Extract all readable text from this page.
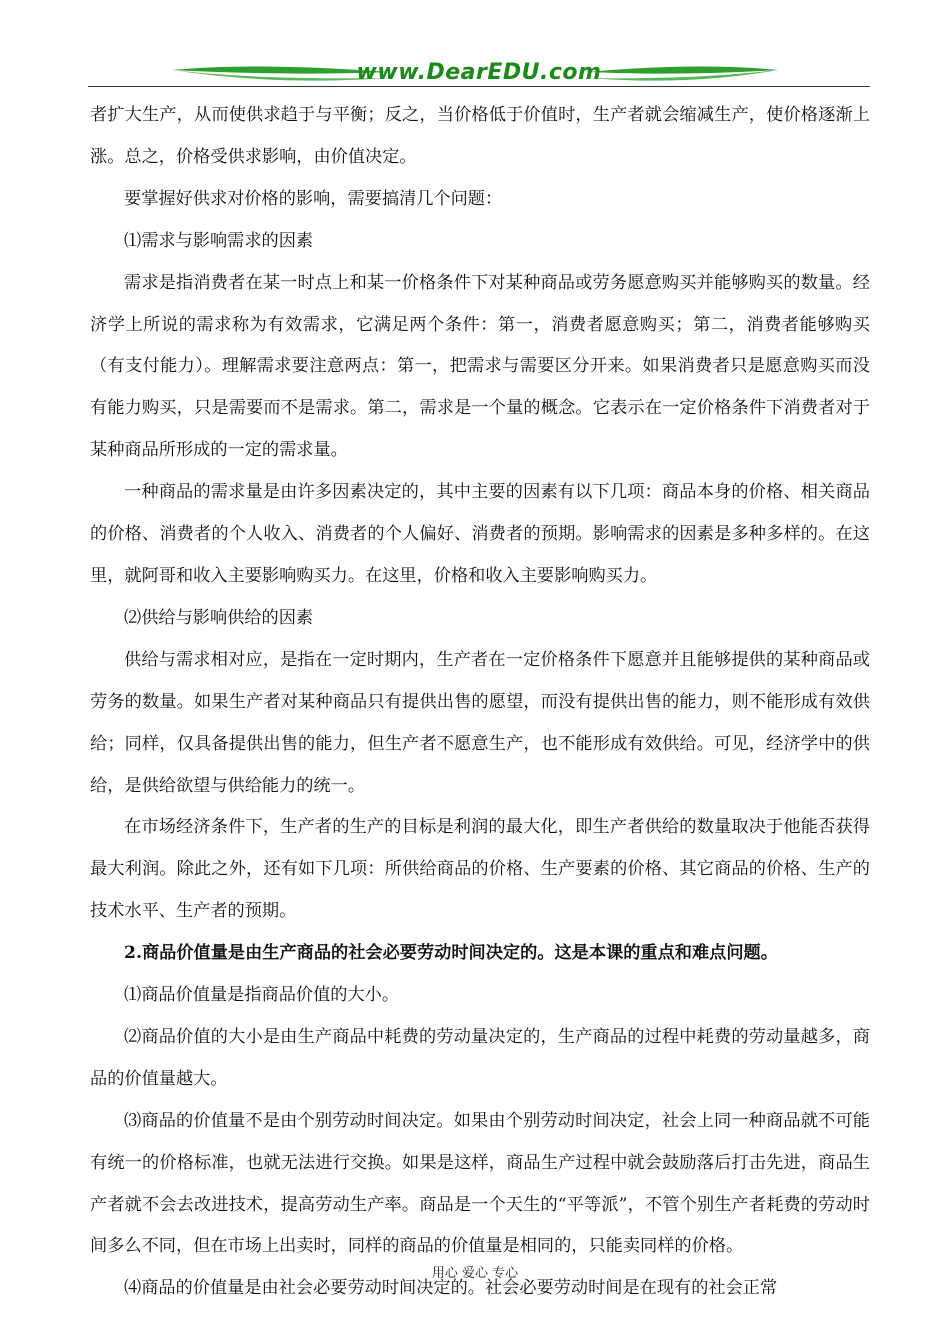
www.DearEDU.com

者扩大生产，从而使供求趋于与平衡；反之，当价格低于价值时，生产者就会缩减生产，使价格逐渐上涨。总之，价格受供求影响，由价值决定。

要掌握好供求对价格的影响，需要搞清几个问题：

⑴需求与影响需求的因素

需求是指消费者在某一时点上和某一价格条件下对某种商品或劳务愿意购买并能够购买的数量。经济学上所说的需求称为有效需求，它满足两个条件：第一，消费者愿意购买；第二，消费者能够购买（有支付能力）。理解需求要注意两点：第一，把需求与需要区分开来。如果消费者只是愿意购买而没有能力购买，只是需要而不是需求。第二，需求是一个量的概念。它表示在一定价格条件下消费者对于某种商品所形成的一定的需求量。

一种商品的需求量是由许多因素决定的，其中主要的因素有以下几项：商品本身的价格、相关商品的价格、消费者的个人收入、消费者的个人偏好、消费者的预期。影响需求的因素是多种多样的。在这里，就阿哥和收入主要影响购买力。在这里，价格和收入主要影响购买力。

⑵供给与影响供给的因素

供给与需求相对应，是指在一定时期内，生产者在一定价格条件下愿意并且能够提供的某种商品或劳务的数量。如果生产者对某种商品只有提供出售的愿望，而没有提供出售的能力，则不能形成有效供给；同样，仅具备提供出售的能力，但生产者不愿意生产，也不能形成有效供给。可见，经济学中的供给，是供给欲望与供给能力的统一。

在市场经济条件下，生产者的生产的目标是利润的最大化，即生产者供给的数量取决于他能否获得最大利润。除此之外，还有如下几项：所供给商品的价格、生产要素的价格、其它商品的价格、生产的技术水平、生产者的预期。

2.商品价值量是由生产商品的社会必要劳动时间决定的。这是本课的重点和难点问题。

⑴商品价值量是指商品价值的大小。

⑵商品价值的大小是由生产商品中耗费的劳动量决定的，生产商品的过程中耗费的劳动量越多，商品的价值量越大。

⑶商品的价值量不是由个别劳动时间决定。如果由个别劳动时间决定，社会上同一种商品就不可能有统一的价格标准，也就无法进行交换。如果是这样，商品生产过程中就会鼓励落后打击先进，商品生产者就不会去改进技术，提高劳动生产率。商品是一个天生的“平等派”，不管个别生产者耗费的劳动时间多么不同，但在市场上出卖时，同样的商品的价值量是相同的，只能卖同样的价格。

⑷商品的价值量是由社会必要劳动时间决定的。社会必要劳动时间是在现有的社会正常

用心 爱心 专心
